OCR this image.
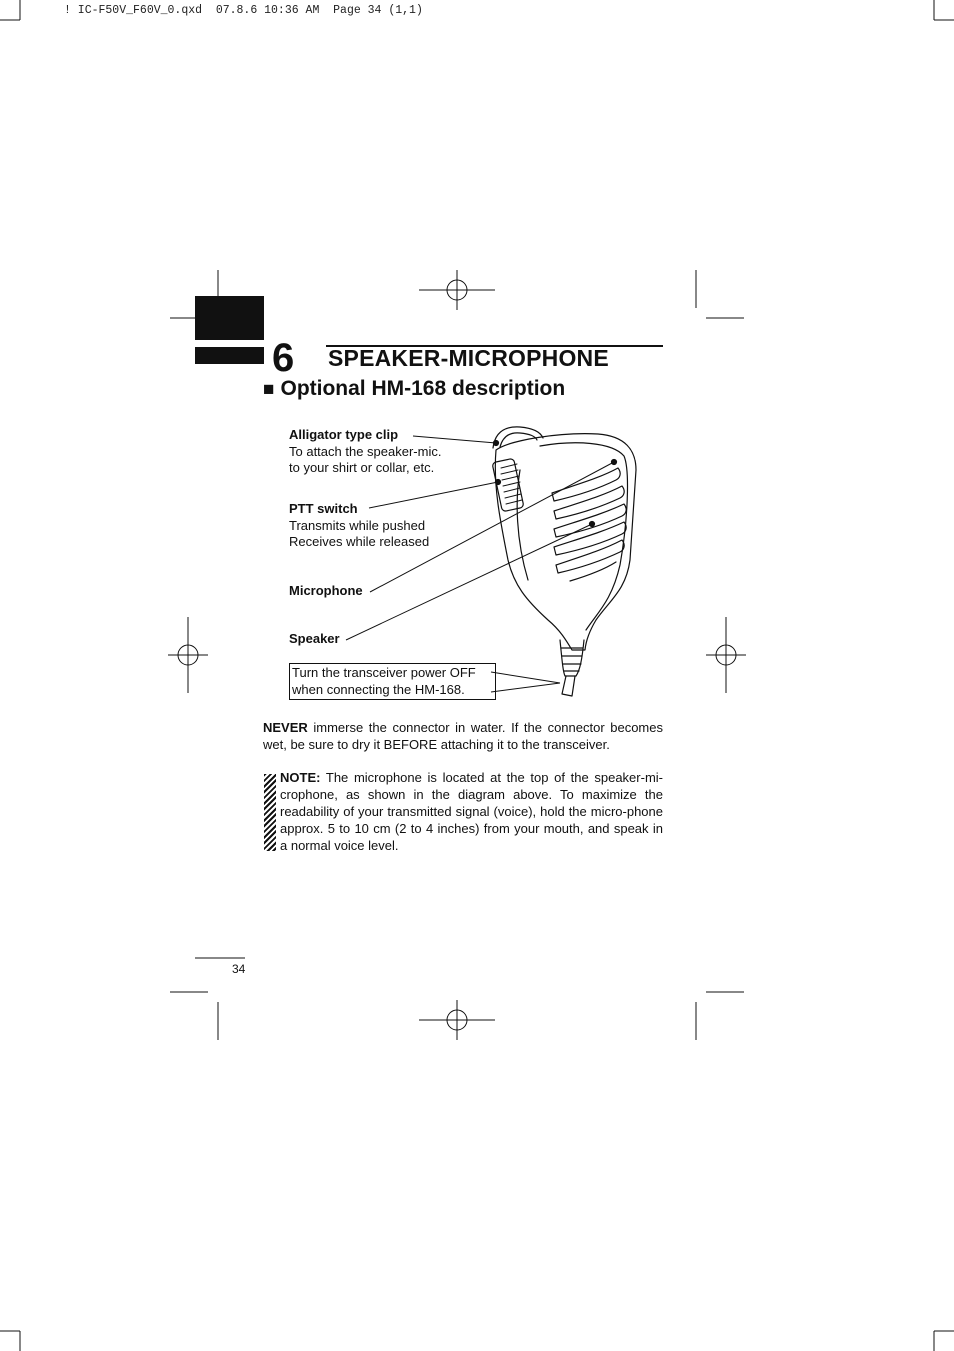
! IC-F50V_F60V_0.qxd  07.8.6 10:36 AM  Page 34 (1,1)
6 SPEAKER-MICROPHONE
■ Optional HM-168 description
Alligator type clip
To attach the speaker-mic.
to your shirt or collar, etc.
PTT switch
Transmits while pushed
Receives while released
Microphone
Speaker
Turn the transceiver power OFF
when connecting the HM-168.
NEVER immerse the connector in water. If the connector becomes wet, be sure to dry it BEFORE attaching it to the transceiver.
NOTE: The microphone is located at the top of the speaker-mi-crophone, as shown in the diagram above. To maximize the readability of your transmitted signal (voice), hold the micro-phone approx. 5 to 10 cm (2 to 4 inches) from your mouth, and speak in a normal voice level.
34
